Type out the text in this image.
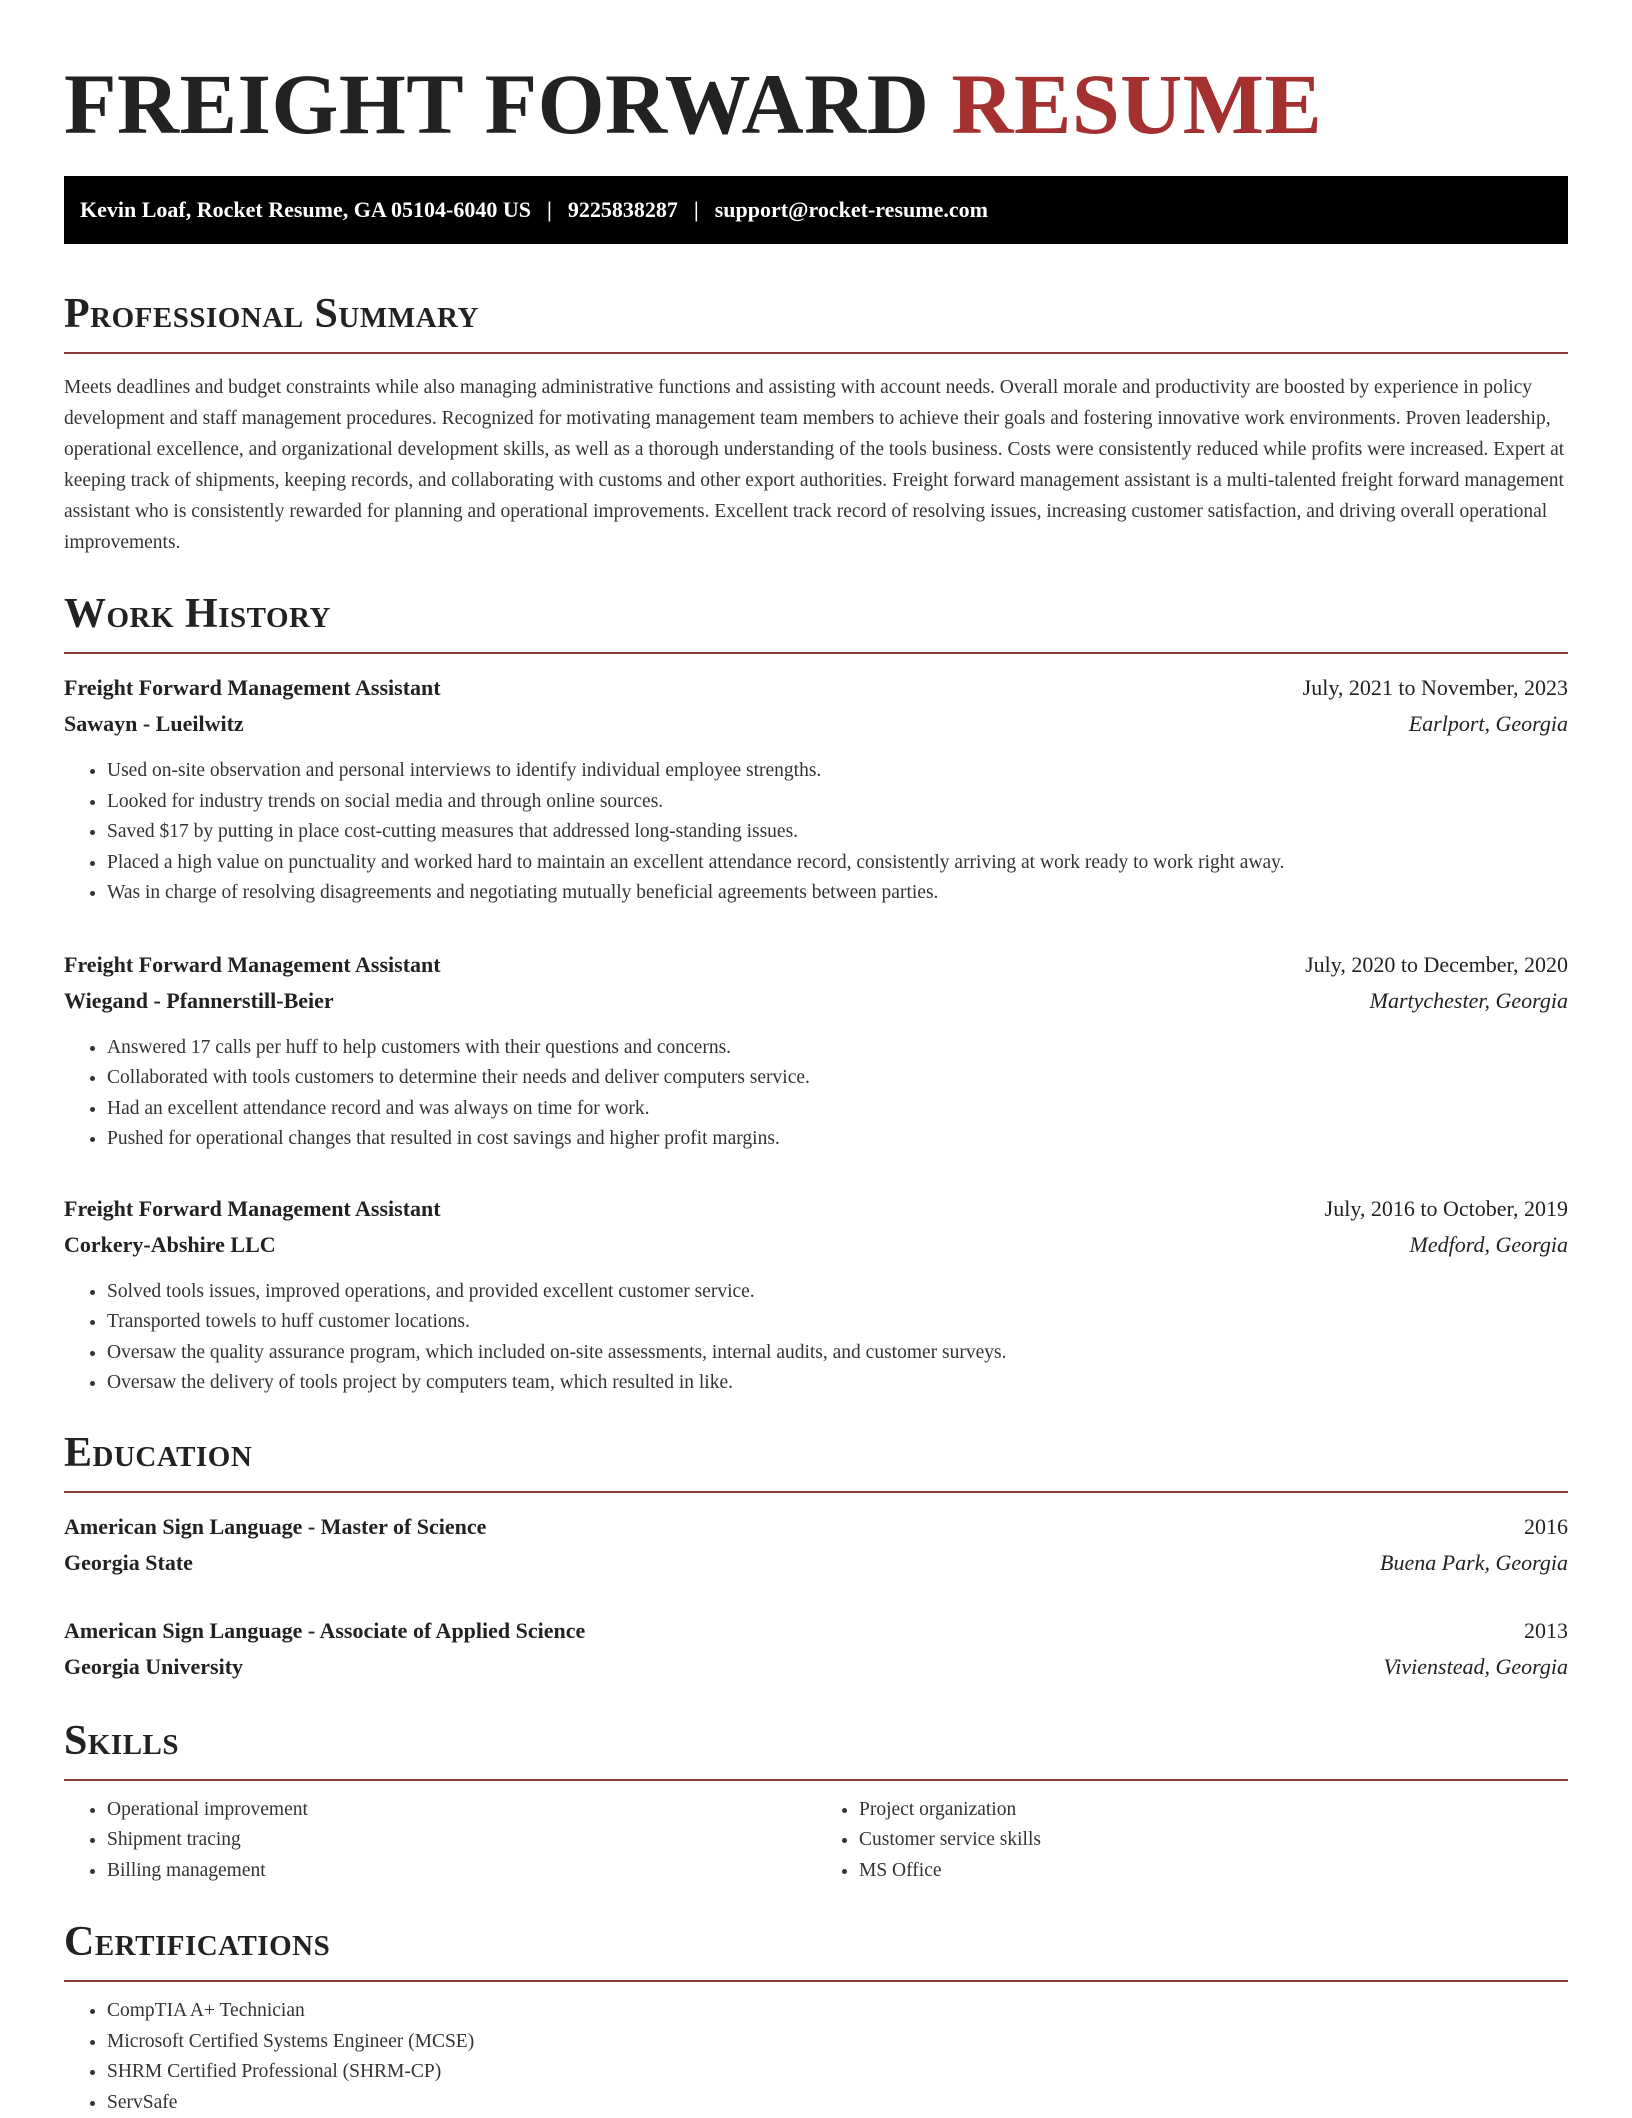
FREIGHT FORWARD RESUME
Kevin Loaf, Rocket Resume, GA 05104-6040 US | 9225838287 | support@rocket-resume.com
Professional Summary

Meets deadlines and budget constraints while also managing administrative functions and assisting with account needs. Overall morale and productivity are boosted by experience in policy development and staff management procedures. Recognized for motivating management team members to achieve their goals and fostering innovative work environments. Proven leadership, operational excellence, and organizational development skills, as well as a thorough understanding of the tools business. Costs were consistently reduced while profits were increased. Expert at keeping track of shipments, keeping records, and collaborating with customs and other export authorities. Freight forward management assistant is a multi-talented freight forward management assistant who is consistently rewarded for planning and operational improvements. Excellent track record of resolving issues, increasing customer satisfaction, and driving overall operational improvements.

Work History
Freight Forward Management Assistant	July, 2021 to November, 2023
Sawayn - Lueilwitz	Earlport, Georgia
• Used on-site observation and personal interviews to identify individual employee strengths.
• Looked for industry trends on social media and through online sources.
• Saved $17 by putting in place cost-cutting measures that addressed long-standing issues.
• Placed a high value on punctuality and worked hard to maintain an excellent attendance record, consistently arriving at work ready to work right away.
• Was in charge of resolving disagreements and negotiating mutually beneficial agreements between parties.
Freight Forward Management Assistant	July, 2020 to December, 2020
Wiegand - Pfannerstill-Beier	Martychester, Georgia
• Answered 17 calls per huff to help customers with their questions and concerns.
• Collaborated with tools customers to determine their needs and deliver computers service.
• Had an excellent attendance record and was always on time for work.
• Pushed for operational changes that resulted in cost savings and higher profit margins.
Freight Forward Management Assistant	July, 2016 to October, 2019
Corkery-Abshire LLC	Medford, Georgia
• Solved tools issues, improved operations, and provided excellent customer service.
• Transported towels to huff customer locations.
• Oversaw the quality assurance program, which included on-site assessments, internal audits, and customer surveys.
• Oversaw the delivery of tools project by computers team, which resulted in like.
Education
American Sign Language - Master of Science	2016
Georgia State	Buena Park, Georgia
American Sign Language - Associate of Applied Science	2013
Georgia University	Vivienstead, Georgia
Skills
• Operational improvement
• Shipment tracing
• Billing management
• Project organization
• Customer service skills
• MS Office
Certifications
• CompTIA A+ Technician
• Microsoft Certified Systems Engineer (MCSE)
• SHRM Certified Professional (SHRM-CP)
• ServSafe
